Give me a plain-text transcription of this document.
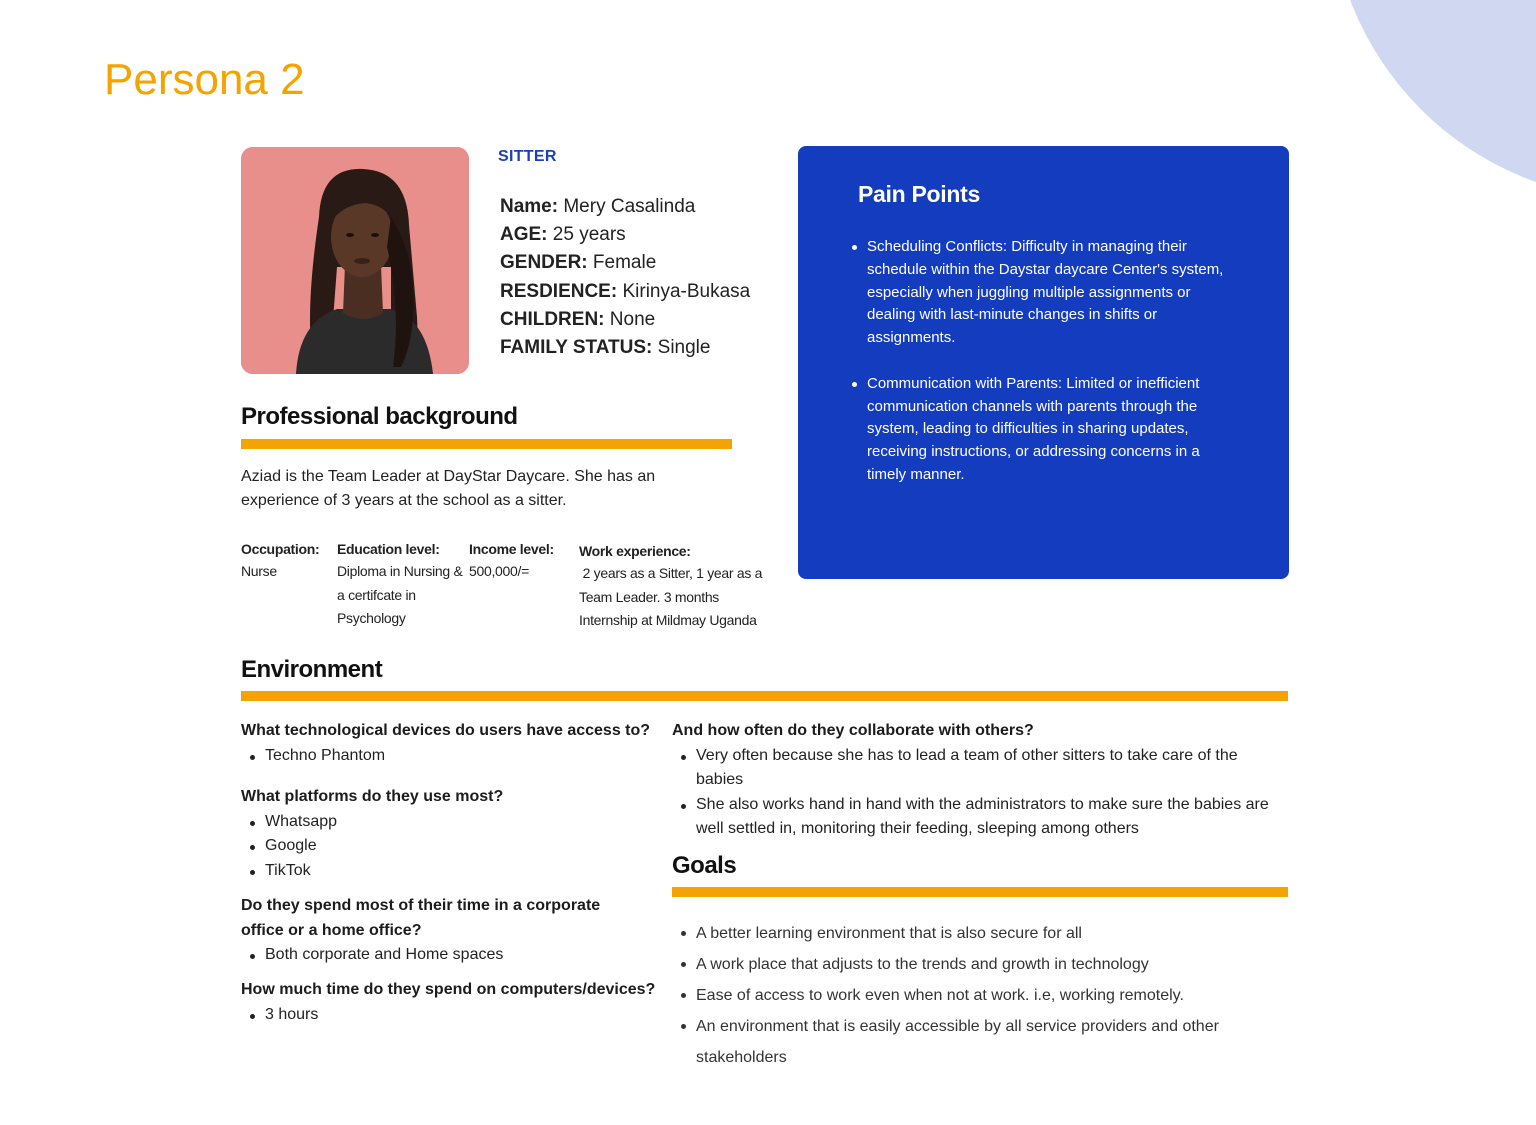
Persona 2
SITTER
Name: Mery Casalinda
AGE: 25 years
GENDER: Female
RESDIENCE: Kirinya-Bukasa
CHILDREN: None
FAMILY STATUS: Single
Professional background

Aziad is the Team Leader at DayStar Daycare. She has an experience of 3 years at the school as a sitter.

Occupation:
Nurse
Education level:
Diploma in Nursing & a certifcate in Psychology
Income level:
500,000/=
Work experience:
2 years as a Sitter, 1 year as a Team Leader. 3 months Internship at Mildmay Uganda
Pain Points
Scheduling Conflicts: Difficulty in managing their schedule within the Daystar daycare Center's system, especially when juggling multiple assignments or dealing with last-minute changes in shifts or assignments.
Communication with Parents: Limited or inefficient communication channels with parents through the system, leading to difficulties in sharing updates, receiving instructions, or addressing concerns in a timely manner.
Environment

What technological devices do users have access to?

Techno Phantom

What platforms do they use most?

Whatsapp
Google
TikTok

Do they spend most of their time in a corporate office or a home office?

Both corporate and Home spaces

How much time do they spend on computers/devices?

3 hours

And how often do they collaborate with others?

Very often because she has to lead a team of other sitters to take care of the babies
She also works hand in hand with the administrators to make sure the babies are well settled in, monitoring their feeding, sleeping among others
Goals
A better learning environment that is also secure for all
A work place that adjusts to the trends and growth in technology
Ease of access to work even when not at work. i.e, working remotely.
An environment that is easily accessible by all service providers and other stakeholders
